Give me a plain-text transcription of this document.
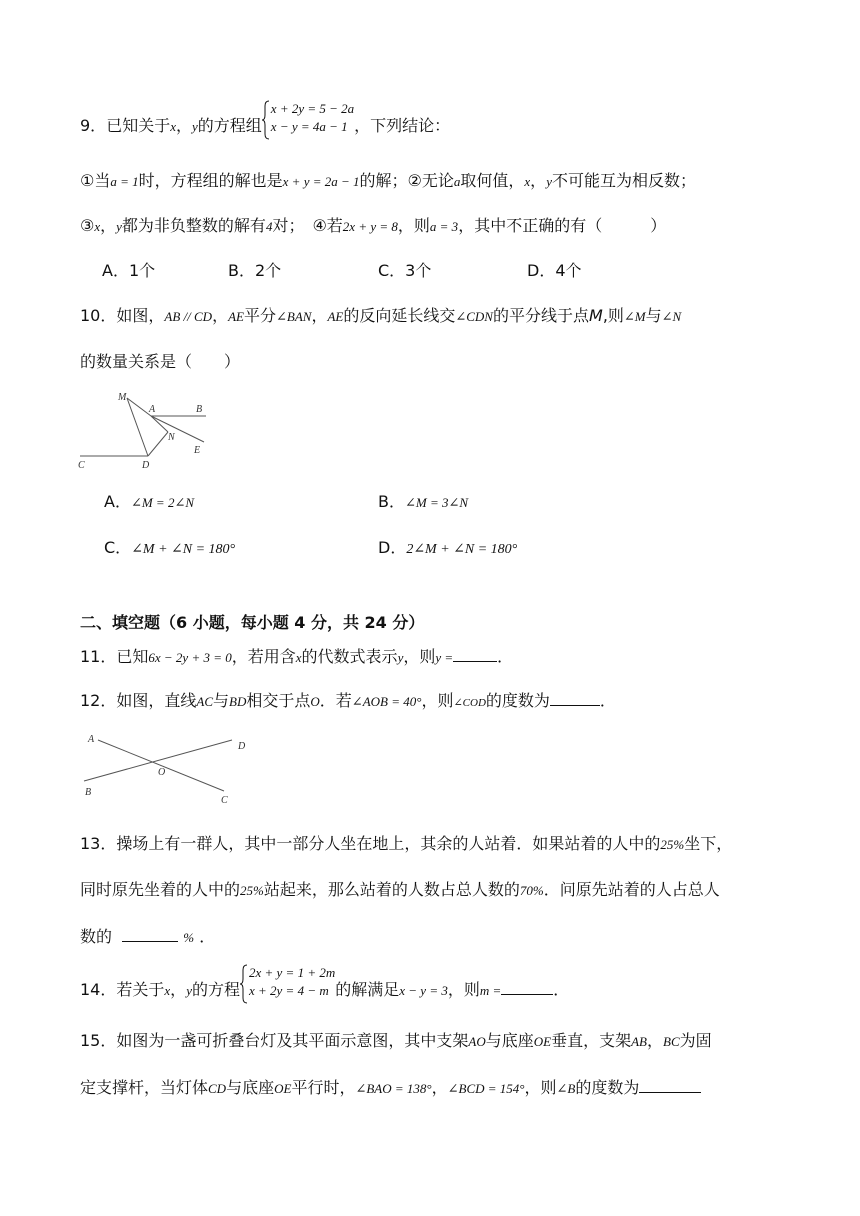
9．已知关于x，y的方程组
x + 2y = 5 − 2a
x − y = 4a − 1 ，下列结论：
①当a = 1时，方程组的解也是x + y = 2a − 1的解；②无论a取何值，x，y不可能互为相反数；
③x，y都为非负整数的解有4对；　④若2x + y = 8，则a = 3，其中不正确的有（　　　）
A．1个	B．2个	C．3个	D．4个
10．如图，AB // CD，AE平分∠BAN，AE的反向延长线交∠CDN的平分线于点M,则∠M与∠N
的数量关系是（　　）
M
A	B
N
E
C	D
A．∠M = 2∠N	B．∠M = 3∠N
C．∠M + ∠N = 180°	D．2∠M + ∠N = 180°
二、填空题（6 小题，每小题 4 分，共 24 分）
11．已知6x − 2y + 3 = 0，若用含x的代数式表示y，则y =	．
12．如图，直线AC与BD相交于点O．若∠AOB = 40°，则∠COD的度数为	．
A
D
O
B
C
13．操场上有一群人，其中一部分人坐在地上，其余的人站着．如果站着的人中的25%坐下，
同时原先坐着的人中的25%站起来，那么站着的人数占总人数的70%．问原先站着的人占总人
数的	% ．
14．若关于x，y的方程
2x + y = 1 + 2m
x + 2y = 4 − m 的解满足x − y = 3，则m =	．
15．如图为一盏可折叠台灯及其平面示意图，其中支架AO与底座OE垂直，支架AB，BC为固
定支撑杆，当灯体CD与底座OE平行时，∠BAO = 138°，∠BCD = 154°，则∠B的度数为
